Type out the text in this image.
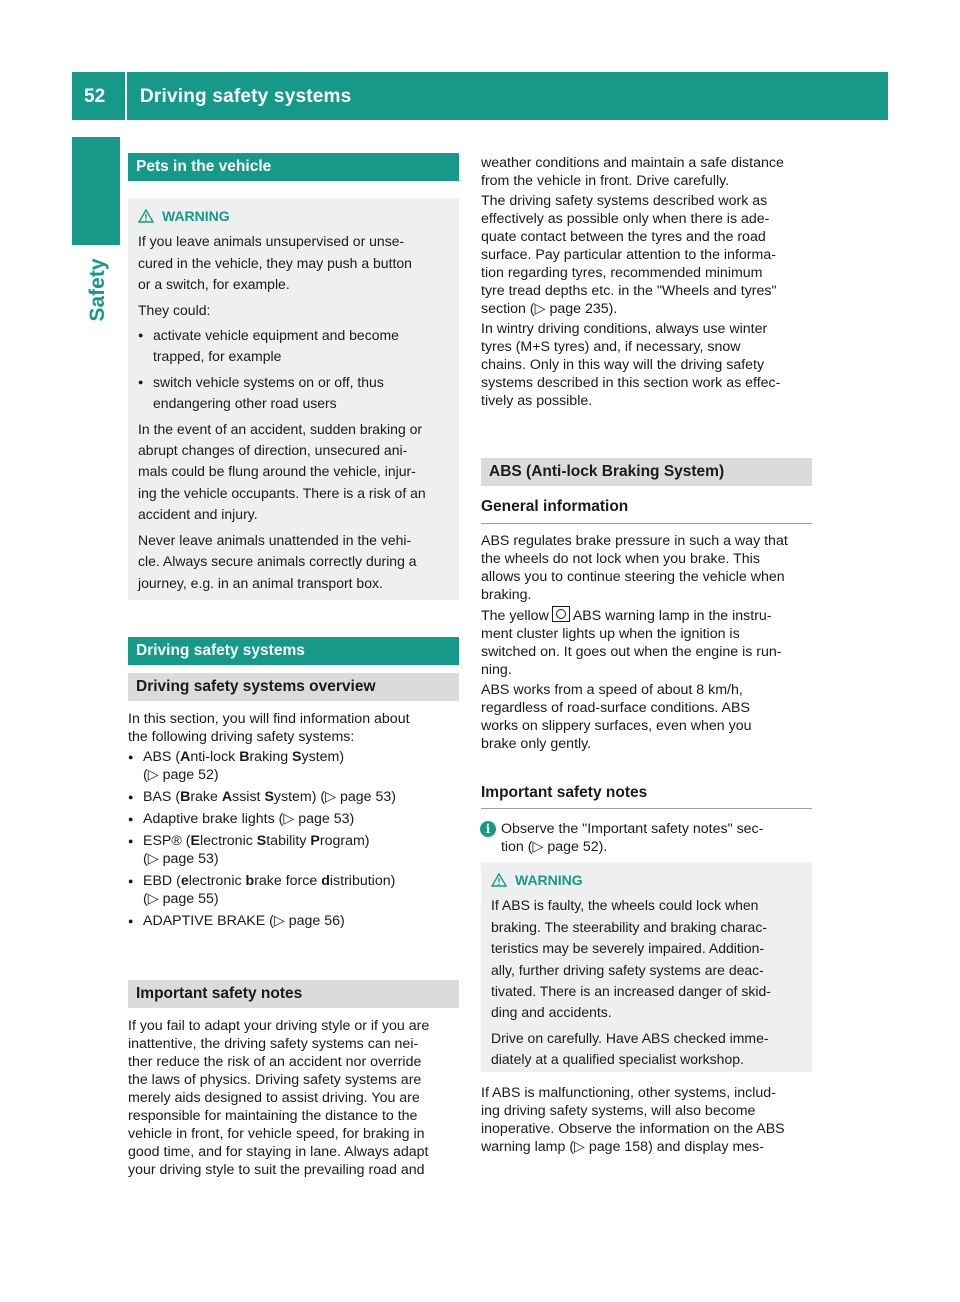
52 Driving safety systems
Safety
Pets in the vehicle
WARNING

If you leave animals unsupervised or unse-
cured in the vehicle, they may push a button
or a switch, for example.

They could:

● activate vehicle equipment and become
trapped, for example

● switch vehicle systems on or off, thus
endangering other road users

In the event of an accident, sudden braking or
abrupt changes of direction, unsecured ani-
mals could be flung around the vehicle, injur-
ing the vehicle occupants. There is a risk of an
accident and injury.

Never leave animals unattended in the vehi-
cle. Always secure animals correctly during a
journey, e.g. in an animal transport box.

Driving safety systems
Driving safety systems overview

In this section, you will find information about
the following driving safety systems:

● ABS (Anti-lock Braking System)
(▷ page 52)

● BAS (Brake Assist System) (▷ page 53)

● Adaptive brake lights (▷ page 53)

● ESP® (Electronic Stability Program)
(▷ page 53)

● EBD (electronic brake force distribution)
(▷ page 55)

● ADAPTIVE BRAKE (▷ page 56)

Important safety notes

If you fail to adapt your driving style or if you are
inattentive, the driving safety systems can nei-
ther reduce the risk of an accident nor override
the laws of physics. Driving safety systems are
merely aids designed to assist driving. You are
responsible for maintaining the distance to the
vehicle in front, for vehicle speed, for braking in
good time, and for staying in lane. Always adapt
your driving style to suit the prevailing road and

weather conditions and maintain a safe distance
from the vehicle in front. Drive carefully.

The driving safety systems described work as
effectively as possible only when there is ade-
quate contact between the tyres and the road
surface. Pay particular attention to the informa-
tion regarding tyres, recommended minimum
tyre tread depths etc. in the "Wheels and tyres"
section (▷ page 235).

In wintry driving conditions, always use winter
tyres (M+S tyres) and, if necessary, snow
chains. Only in this way will the driving safety
systems described in this section work as effec-
tively as possible.

ABS (Anti-lock Braking System)
General information

ABS regulates brake pressure in such a way that
the wheels do not lock when you brake. This
allows you to continue steering the vehicle when
braking.

The yellow ABS warning lamp in the instru-
ment cluster lights up when the ignition is
switched on. It goes out when the engine is run-
ning.

ABS works from a speed of about 8 km/h,
regardless of road-surface conditions. ABS
works on slippery surfaces, even when you
brake only gently.

Important safety notes

i Observe the "Important safety notes" sec-
tion (▷ page 52).

WARNING

If ABS is faulty, the wheels could lock when
braking. The steerability and braking charac-
teristics may be severely impaired. Addition-
ally, further driving safety systems are deac-
tivated. There is an increased danger of skid-
ding and accidents.

Drive on carefully. Have ABS checked imme-
diately at a qualified specialist workshop.

If ABS is malfunctioning, other systems, includ-
ing driving safety systems, will also become
inoperative. Observe the information on the ABS
warning lamp (▷ page 158) and display mes-
